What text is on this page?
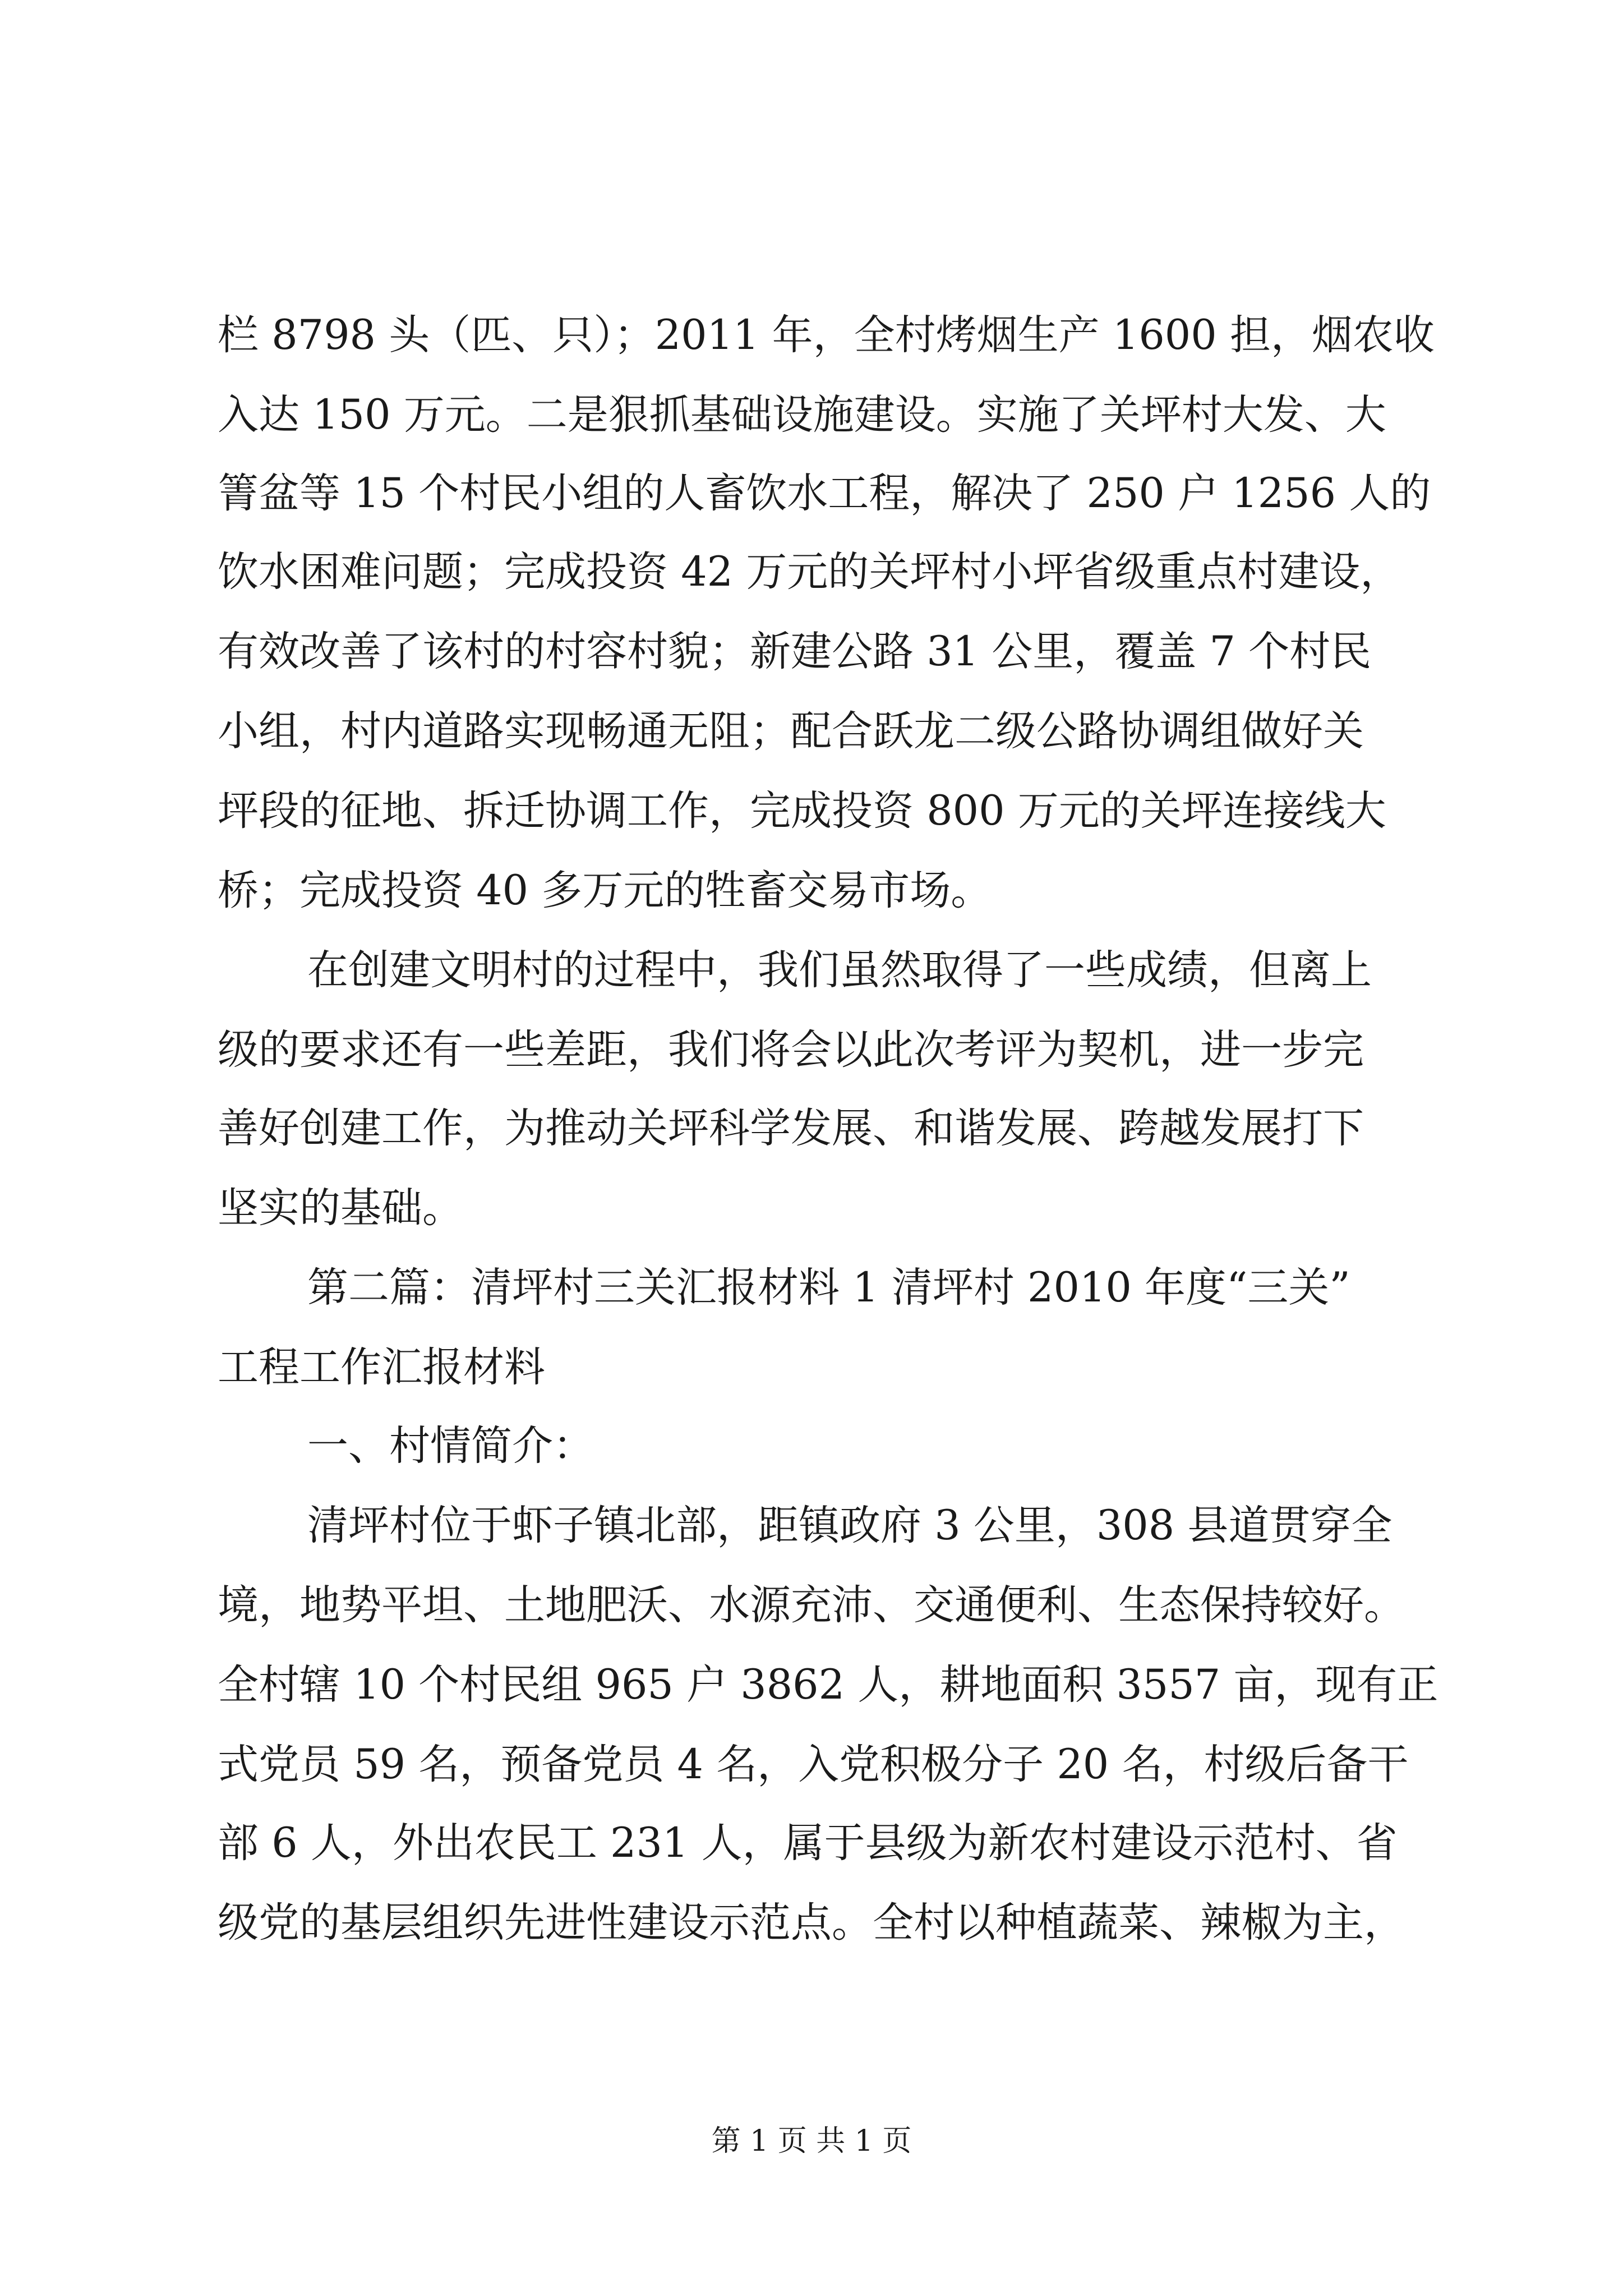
栏 8798 头（匹、只）；2011 年，全村烤烟生产 1600 担，烟农收
入达 150 万元。二是狠抓基础设施建设。实施了关坪村大发、大
箐盆等 15 个村民小组的人畜饮水工程，解决了 250 户 1256 人的
饮水困难问题；完成投资 42 万元的关坪村小坪省级重点村建设，
有效改善了该村的村容村貌；新建公路 31 公里，覆盖 7 个村民
小组，村内道路实现畅通无阻；配合跃龙二级公路协调组做好关
坪段的征地、拆迁协调工作，完成投资 800 万元的关坪连接线大
桥；完成投资 40 多万元的牲畜交易市场。
在创建文明村的过程中，我们虽然取得了一些成绩，但离上
级的要求还有一些差距，我们将会以此次考评为契机，进一步完
善好创建工作，为推动关坪科学发展、和谐发展、跨越发展打下
坚实的基础。
第二篇：清坪村三关汇报材料 1 清坪村 2010 年度“三关”
工程工作汇报材料
一、村情简介：
清坪村位于虾子镇北部，距镇政府 3 公里，308 县道贯穿全
境，地势平坦、土地肥沃、水源充沛、交通便利、生态保持较好。
全村辖 10 个村民组 965 户 3862 人，耕地面积 3557 亩，现有正
式党员 59 名，预备党员 4 名，入党积极分子 20 名，村级后备干
部 6 人，外出农民工 231 人，属于县级为新农村建设示范村、省
级党的基层组织先进性建设示范点。全村以种植蔬菜、辣椒为主，
第 1 页 共 1 页
